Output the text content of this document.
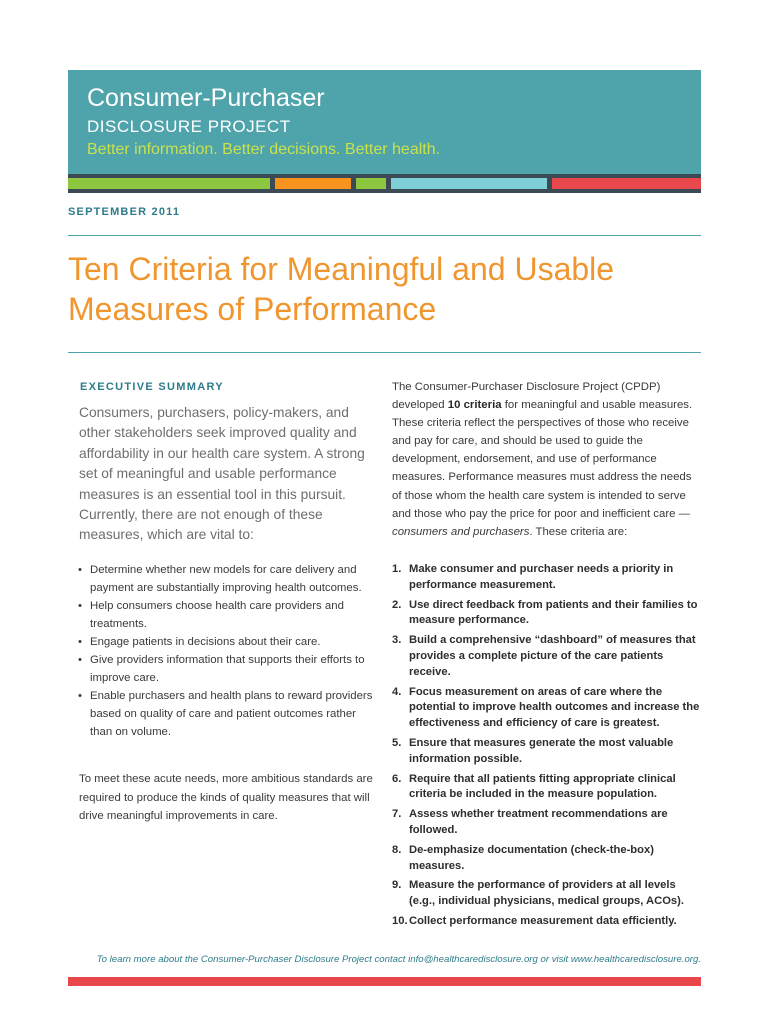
Consumer-Purchaser
DISCLOSURE PROJECT
Better information. Better decisions. Better health.
SEPTEMBER 2011
Ten Criteria for Meaningful and Usable Measures of Performance
EXECUTIVE SUMMARY
Consumers, purchasers, policy-makers, and other stakeholders seek improved quality and affordability in our health care system. A strong set of meaningful and usable performance measures is an essential tool in this pursuit. Currently, there are not enough of these measures, which are vital to:
• Determine whether new models for care delivery and payment are substantially improving health outcomes.
• Help consumers choose health care providers and treatments.
• Engage patients in decisions about their care.
• Give providers information that supports their efforts to improve care.
• Enable purchasers and health plans to reward providers based on quality of care and patient outcomes rather than on volume.
To meet these acute needs, more ambitious standards are required to produce the kinds of quality measures that will drive meaningful improvements in care.
The Consumer-Purchaser Disclosure Project (CPDP) developed 10 criteria for meaningful and usable measures. These criteria reflect the perspectives of those who receive and pay for care, and should be used to guide the development, endorsement, and use of performance measures. Performance measures must address the needs of those whom the health care system is intended to serve and those who pay the price for poor and inefficient care — consumers and purchasers. These criteria are:
1. Make consumer and purchaser needs a priority in performance measurement.
2. Use direct feedback from patients and their families to measure performance.
3. Build a comprehensive “dashboard” of measures that provides a complete picture of the care patients receive.
4. Focus measurement on areas of care where the potential to improve health outcomes and increase the effectiveness and efficiency of care is greatest.
5. Ensure that measures generate the most valuable information possible.
6. Require that all patients fitting appropriate clinical criteria be included in the measure population.
7. Assess whether treatment recommendations are followed.
8. De-emphasize documentation (check-the-box) measures.
9. Measure the performance of providers at all levels (e.g., individual physicians, medical groups, ACOs).
10. Collect performance measurement data efficiently.
To learn more about the Consumer-Purchaser Disclosure Project contact info@healthcaredisclosure.org or visit www.healthcaredisclosure.org.
